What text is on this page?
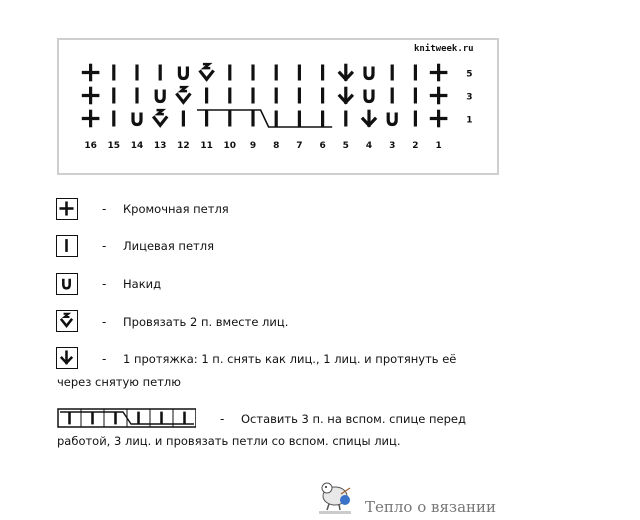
knitweek.ru
5
3
1
16 15 14 13 12 11 10 9 8 7 6 5 4 3 2 1
- Кромочная петля
- Лицевая петля
- Накид
- Провязать 2 п. вместе лиц.
- 1 протяжка: 1 п. снять как лиц., 1 лиц. и протянуть её
через снятую петлю
- Оставить 3 п. на вспом. спице перед
работой, 3 лиц. и провязать петли со вспом. спицы лиц.
Тепло о вязании
